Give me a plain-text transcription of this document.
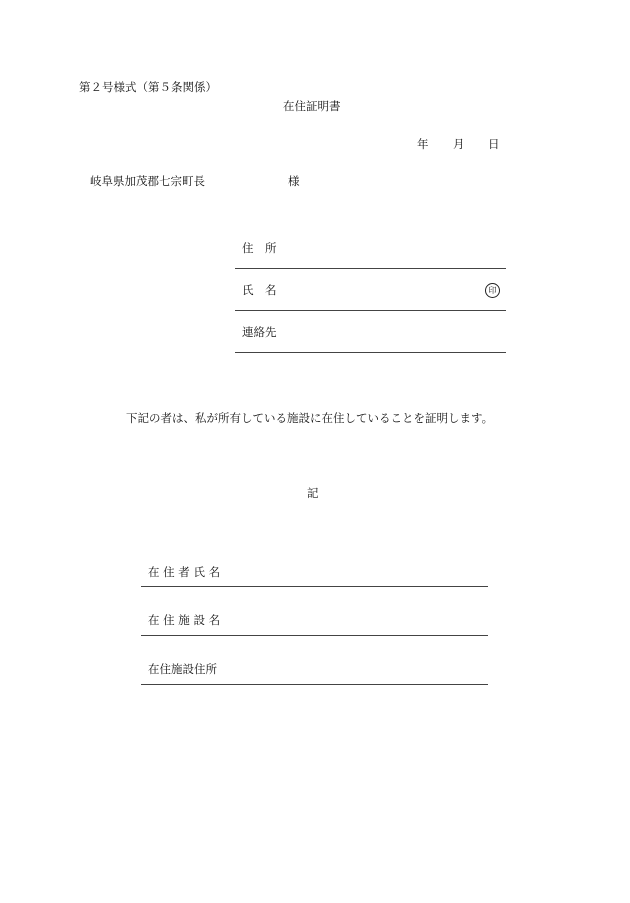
第２号様式（第５条関係）
在住証明書
年 月 日
岐阜県加茂郡七宗町長	様
住　所
氏　名	印
連絡先
下記の者は、私が所有している施設に在住していることを証明します。
記
在 住 者 氏 名
在 住 施 設 名
在住施設住所
